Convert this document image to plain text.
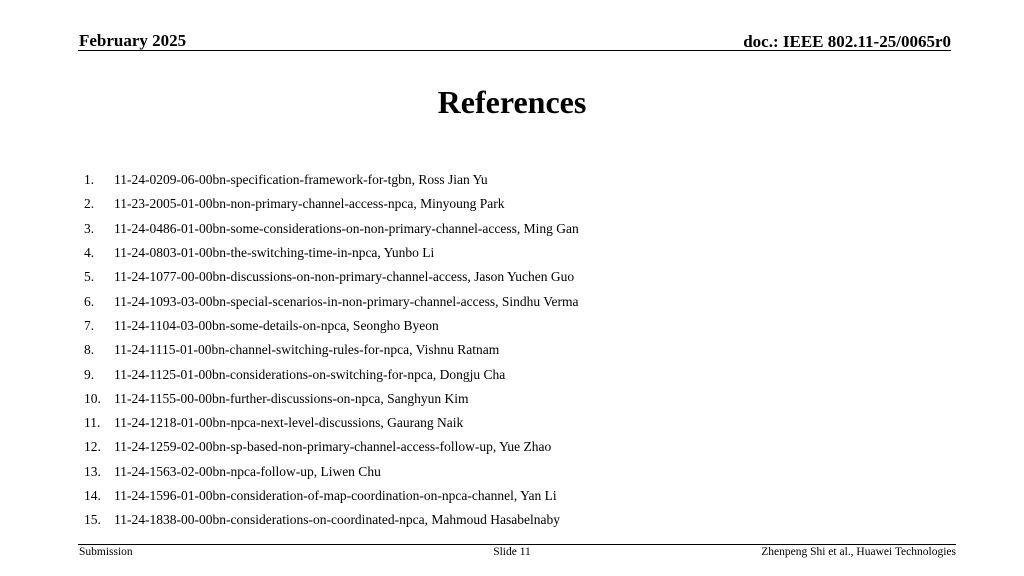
February 2025	doc.: IEEE 802.11-25/0065r0
References
1.	11-24-0209-06-00bn-specification-framework-for-tgbn, Ross Jian Yu
2.	11-23-2005-01-00bn-non-primary-channel-access-npca, Minyoung Park
3.	11-24-0486-01-00bn-some-considerations-on-non-primary-channel-access, Ming Gan
4.	11-24-0803-01-00bn-the-switching-time-in-npca, Yunbo Li
5.	11-24-1077-00-00bn-discussions-on-non-primary-channel-access, Jason Yuchen Guo
6.	11-24-1093-03-00bn-special-scenarios-in-non-primary-channel-access, Sindhu Verma
7.	11-24-1104-03-00bn-some-details-on-npca, Seongho Byeon
8.	11-24-1115-01-00bn-channel-switching-rules-for-npca, Vishnu Ratnam
9.	11-24-1125-01-00bn-considerations-on-switching-for-npca, Dongju Cha
10. 11-24-1155-00-00bn-further-discussions-on-npca, Sanghyun Kim
11.	11-24-1218-01-00bn-npca-next-level-discussions, Gaurang Naik
12. 11-24-1259-02-00bn-sp-based-non-primary-channel-access-follow-up, Yue Zhao
13. 11-24-1563-02-00bn-npca-follow-up, Liwen Chu
14. 11-24-1596-01-00bn-consideration-of-map-coordination-on-npca-channel, Yan Li
15. 11-24-1838-00-00bn-considerations-on-coordinated-npca, Mahmoud Hasabelnaby
Submission	Slide 11	Zhenpeng Shi et al., Huawei Technologies
